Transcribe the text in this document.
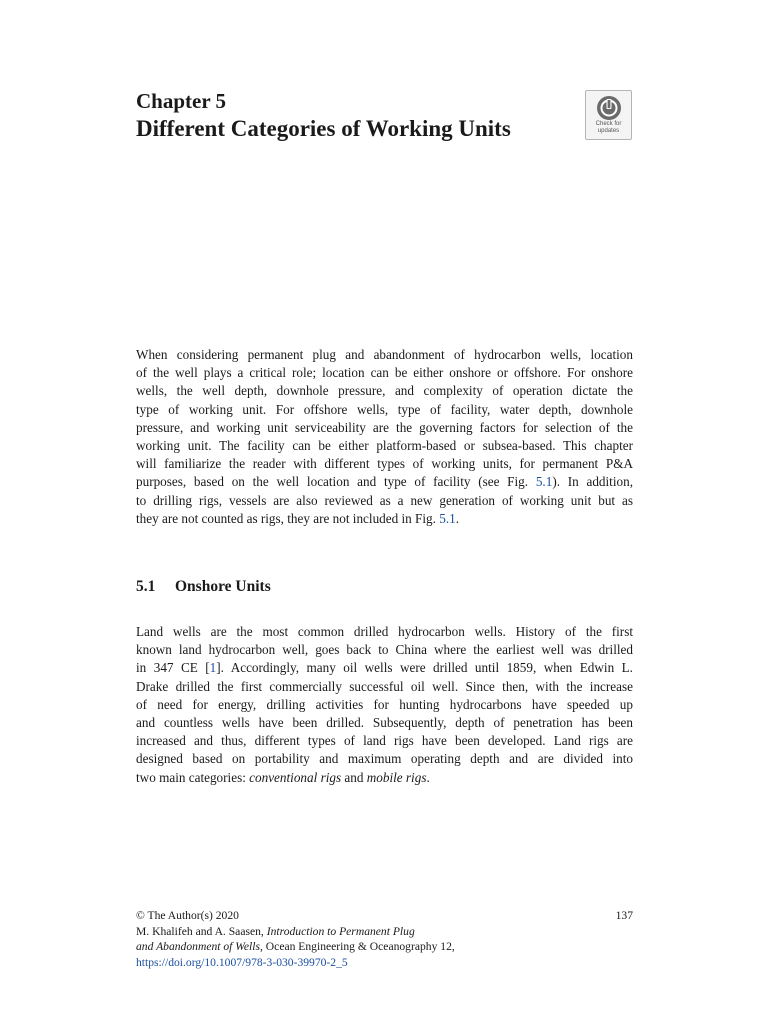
Chapter 5
Different Categories of Working Units	Check for
updates

When considering permanent plug and abandonment of hydrocarbon wells, location
of the well plays a critical role; location can be either onshore or offshore. For onshore
wells, the well depth, downhole pressure, and complexity of operation dictate the
type of working unit. For offshore wells, type of facility, water depth, downhole
pressure, and working unit serviceability are the governing factors for selection of the
working unit. The facility can be either platform-based or subsea-based. This chapter
will familiarize the reader with different types of working units, for permanent P&A
purposes, based on the well location and type of facility (see Fig. 5.1). In addition,
to drilling rigs, vessels are also reviewed as a new generation of working unit but as
they are not counted as rigs, they are not included in Fig. 5.1.

5.1 Onshore Units

Land wells are the most common drilled hydrocarbon wells. History of the first
known land hydrocarbon well, goes back to China where the earliest well was drilled
in 347 CE [1]. Accordingly, many oil wells were drilled until 1859, when Edwin L.
Drake drilled the first commercially successful oil well. Since then, with the increase
of need for energy, drilling activities for hunting hydrocarbons have speeded up
and countless wells have been drilled. Subsequently, depth of penetration has been
increased and thus, different types of land rigs have been developed. Land rigs are
designed based on portability and maximum operating depth and are divided into
two main categories: conventional rigs and mobile rigs.

© The Author(s) 2020	137
M. Khalifeh and A. Saasen, Introduction to Permanent Plug
and Abandonment of Wells, Ocean Engineering & Oceanography 12,
https://doi.org/10.1007/978-3-030-39970-2_5
